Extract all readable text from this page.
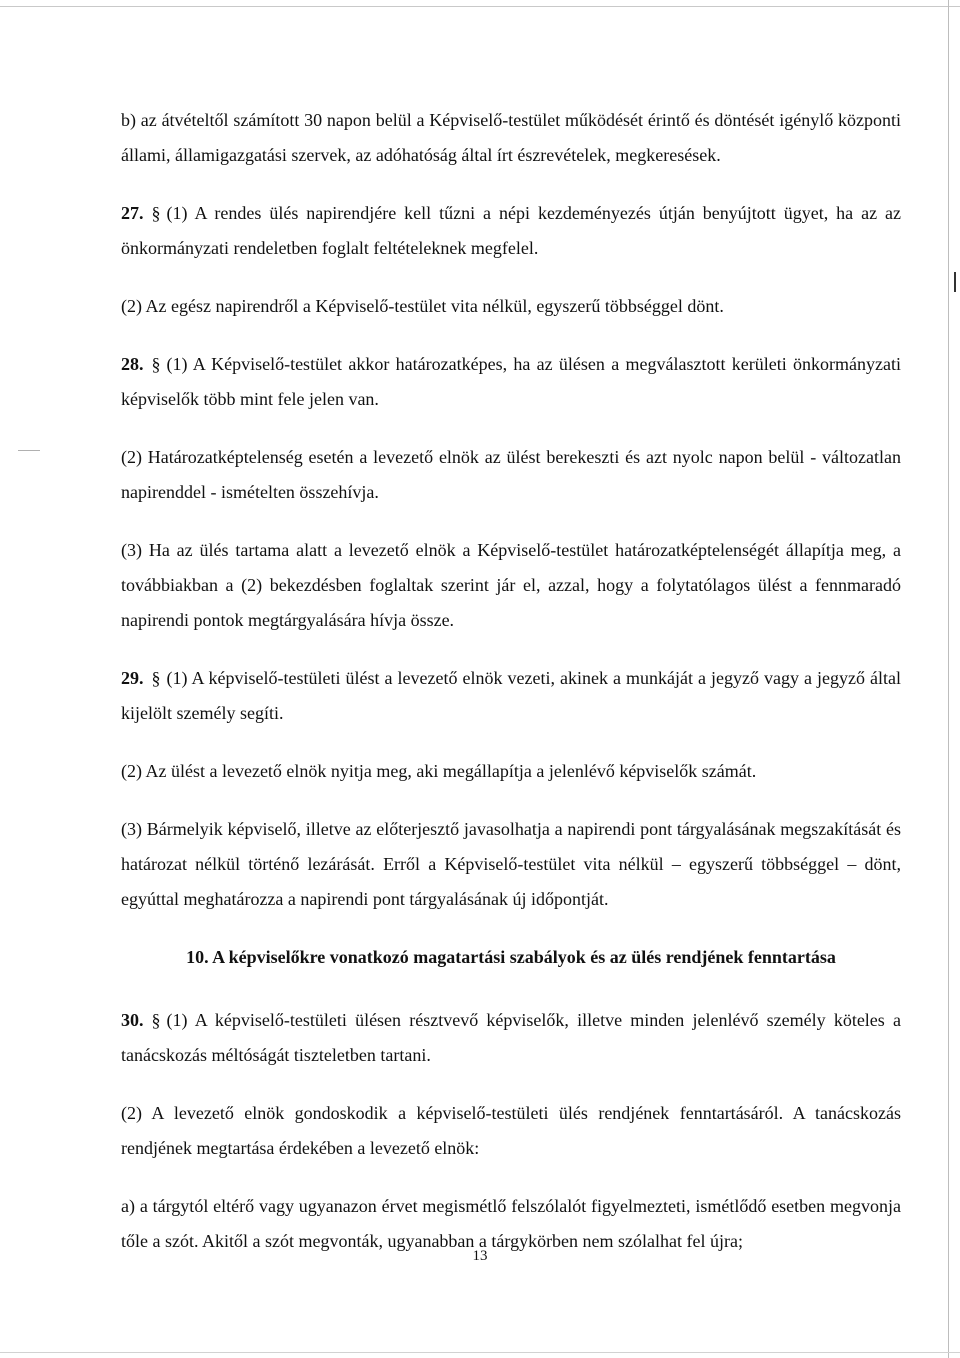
b) az átvételtől számított 30 napon belül a Képviselő-testület működését érintő és döntését igénylő központi állami, államigazgatási szervek, az adóhatóság által írt észrevételek, megkeresések.

27. § (1) A rendes ülés napirendjére kell tűzni a népi kezdeményezés útján benyújtott ügyet, ha az az önkormányzati rendeletben foglalt feltételeknek megfelel.

(2) Az egész napirendről a Képviselő-testület vita nélkül, egyszerű többséggel dönt.

28. § (1) A Képviselő-testület akkor határozatképes, ha az ülésen a megválasztott kerületi önkormányzati képviselők több mint fele jelen van.

(2) Határozatképtelenség esetén a levezető elnök az ülést berekeszti és azt nyolc napon belül - változatlan napirenddel - ismételten összehívja.

(3) Ha az ülés tartama alatt a levezető elnök a Képviselő-testület határozatképtelenségét állapítja meg, a továbbiakban a (2) bekezdésben foglaltak szerint jár el, azzal, hogy a folytatólagos ülést a fennmaradó napirendi pontok megtárgyalására hívja össze.

29. § (1) A képviselő-testületi ülést a levezető elnök vezeti, akinek a munkáját a jegyző vagy a jegyző által kijelölt személy segíti.

(2) Az ülést a levezető elnök nyitja meg, aki megállapítja a jelenlévő képviselők számát.

(3) Bármelyik képviselő, illetve az előterjesztő javasolhatja a napirendi pont tárgyalásának megszakítását és határozat nélkül történő lezárását. Erről a Képviselő-testület vita nélkül – egyszerű többséggel – dönt, egyúttal meghatározza a napirendi pont tárgyalásának új időpontját.

10. A képviselőkre vonatkozó magatartási szabályok és az ülés rendjének fenntartása

30. § (1) A képviselő-testületi ülésen résztvevő képviselők, illetve minden jelenlévő személy köteles a tanácskozás méltóságát tiszteletben tartani.

(2) A levezető elnök gondoskodik a képviselő-testületi ülés rendjének fenntartásáról. A tanácskozás rendjének megtartása érdekében a levezető elnök:

a) a tárgytól eltérő vagy ugyanazon érvet megismétlő felszólalót figyelmezteti, ismétlődő esetben megvonja tőle a szót. Akitől a szót megvonták, ugyanabban a tárgykörben nem szólalhat fel újra;

13
